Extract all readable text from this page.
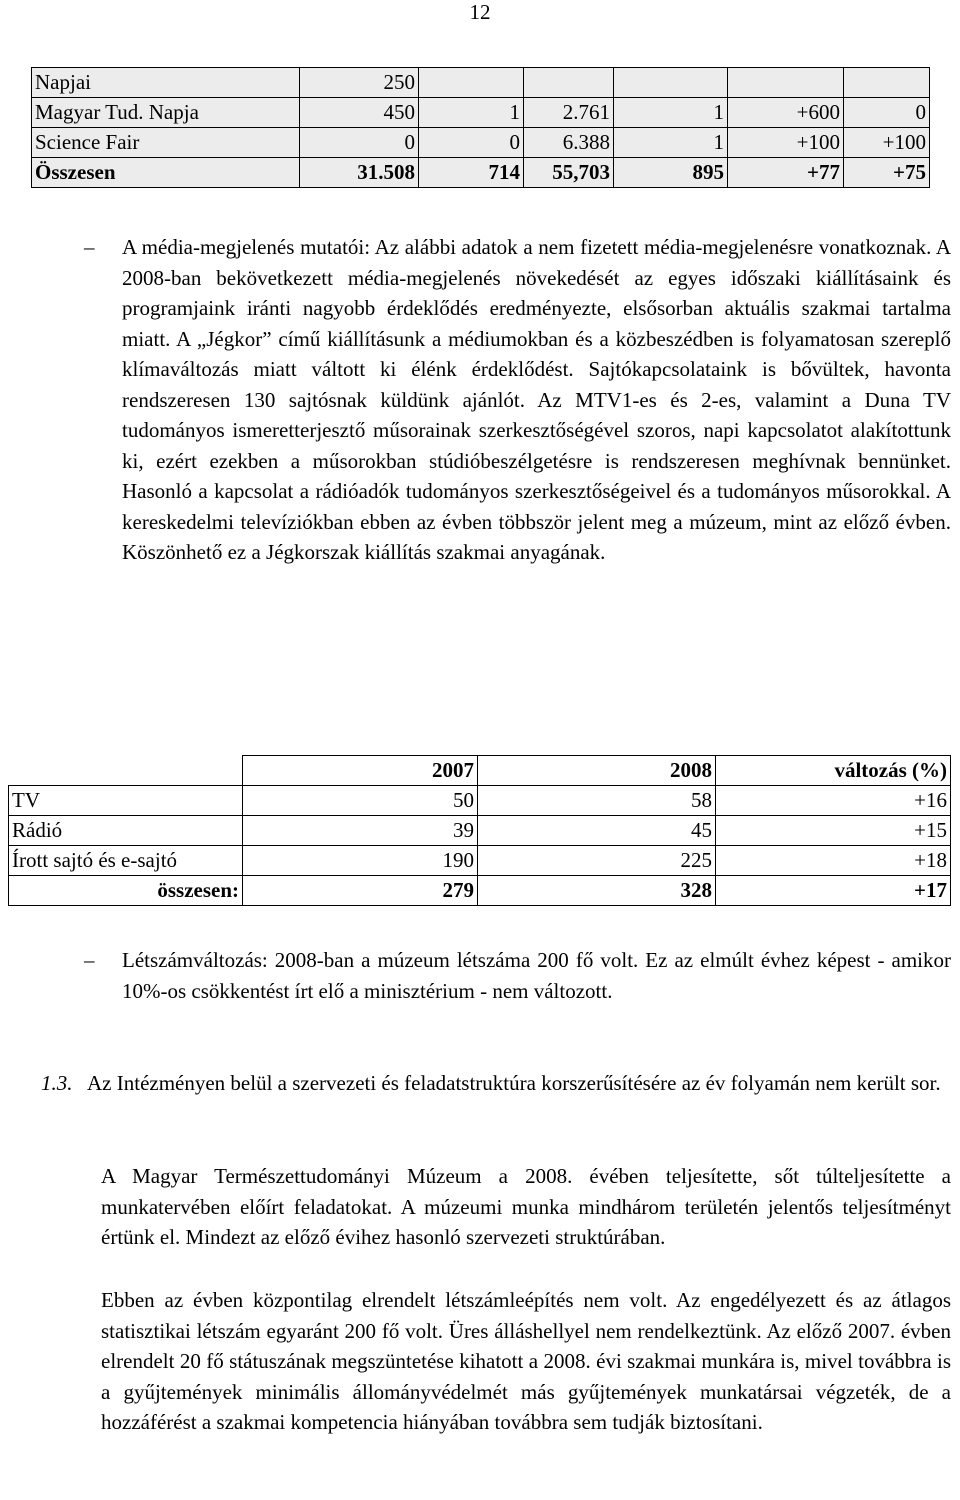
12
Napjai	250					
Magyar Tud. Napja	450	1	2.761	1	+600	0
Science Fair	0	0	6.388	1	+100	+100
Összesen	31.508	714	55,703	895	+77	+75
– A média-megjelenés mutatói: Az alábbi adatok a nem fizetett média-megjelenésre vonatkoznak. A 2008-ban bekövetkezett média-megjelenés növekedését az egyes időszaki kiállításaink és programjaink iránti nagyobb érdeklődés eredményezte, elsősorban aktuális szakmai tartalma miatt. A „Jégkor” című kiállításunk a médiumokban és a közbeszédben is folyamatosan szereplő klímaváltozás miatt váltott ki élénk érdeklődést. Sajtókapcsolataink is bővültek, havonta rendszeresen 130 sajtósnak küldünk ajánlót. Az MTV1-es és 2-es, valamint a Duna TV tudományos ismeretterjesztő műsorainak szerkesztőségével szoros, napi kapcsolatot alakítottunk ki, ezért ezekben a műsorokban stúdióbeszélgetésre is rendszeresen meghívnak bennünket. Hasonló a kapcsolat a rádióadók tudományos szerkesztőségeivel és a tudományos műsorokkal. A kereskedelmi televíziókban ebben az évben többször jelent meg a múzeum, mint az előző évben. Köszönhető ez a Jégkorszak kiállítás szakmai anyagának.
	2007	2008	változás (%)
TV	50	58	+16
Rádió	39	45	+15
Írott sajtó és e-sajtó	190	225	+18
összesen:	279	328	+17
– Létszámváltozás: 2008-ban a múzeum létszáma 200 fő volt. Ez az elmúlt évhez képest - amikor 10%-os csökkentést írt elő a minisztérium - nem változott.
1.3. Az Intézményen belül a szervezeti és feladatstruktúra korszerűsítésére az év folyamán nem került sor.
A Magyar Természettudományi Múzeum a 2008. évében teljesítette, sőt túlteljesítette a munkatervében előírt feladatokat. A múzeumi munka mindhárom területén jelentős teljesítményt értünk el. Mindezt az előző évihez hasonló szervezeti struktúrában.
Ebben az évben központilag elrendelt létszámleépítés nem volt. Az engedélyezett és az átlagos statisztikai létszám egyaránt 200 fő volt. Üres álláshellyel nem rendelkeztünk. Az előző 2007. évben elrendelt 20 fő státuszának megszüntetése kihatott a 2008. évi szakmai munkára is, mivel továbbra is a gyűjtemények minimális állományvédelmét más gyűjtemények munkatársai végzeték, de a hozzáférést a szakmai kompetencia hiányában továbbra sem tudják biztosítani.
